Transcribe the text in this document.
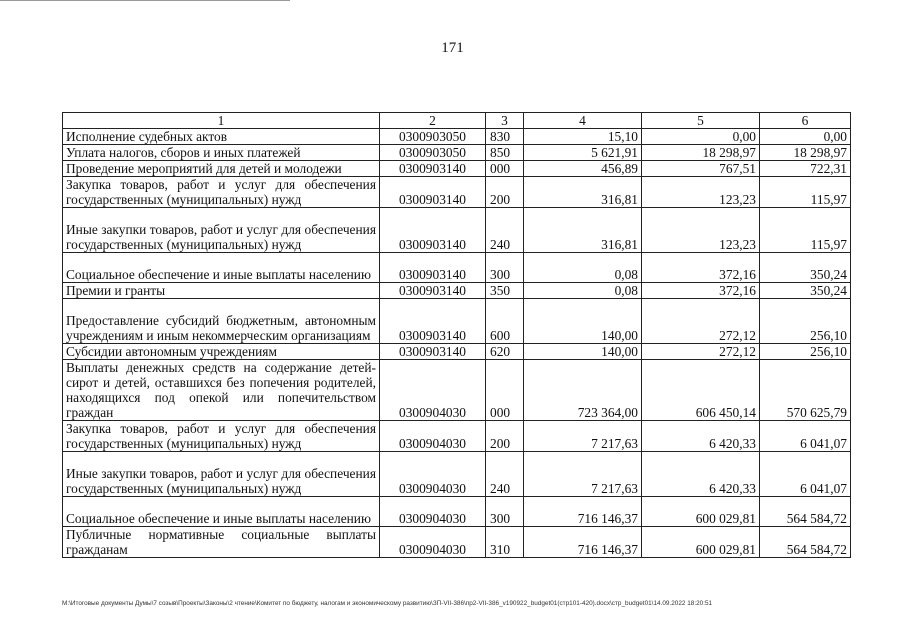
171
1	2	3	4	5	6
Исполнение судебных актов	0300903050	830	15,10	0,00	0,00
Уплата налогов, сборов и иных платежей	0300903050	850	5 621,91	18 298,97	18 298,97
Проведение мероприятий для детей и молодежи	0300903140	000	456,89	767,51	722,31
Закупка товаров, работ и услуг для обеспечения государственных (муниципальных) нужд	0300903140	200	316,81	123,23	115,97
Иные закупки товаров, работ и услуг для обеспечения государственных (муниципальных) нужд	0300903140	240	316,81	123,23	115,97
Социальное обеспечение и иные выплаты населению	0300903140	300	0,08	372,16	350,24
Премии и гранты	0300903140	350	0,08	372,16	350,24
Предоставление субсидий бюджетным, автономным учреждениям и иным некоммерческим организациям	0300903140	600	140,00	272,12	256,10
Субсидии автономным учреждениям	0300903140	620	140,00	272,12	256,10
Выплаты денежных средств на содержание детей-сирот и детей, оставшихся без попечения родителей, находящихся под опекой или попечительством граждан	0300904030	000	723 364,00	606 450,14	570 625,79
Закупка товаров, работ и услуг для обеспечения государственных (муниципальных) нужд	0300904030	200	7 217,63	6 420,33	6 041,07
Иные закупки товаров, работ и услуг для обеспечения государственных (муниципальных) нужд	0300904030	240	7 217,63	6 420,33	6 041,07
Социальное обеспечение и иные выплаты населению	0300904030	300	716 146,37	600 029,81	564 584,72
Публичные нормативные социальные выплаты гражданам	0300904030	310	716 146,37	600 029,81	564 584,72
M:\Итоговые документы Думы\7 созыв\Проекты\Законы\2 чтение\Комитет по бюджету, налогам и экономическому развитию\ЗП-VII-386\пр2-VII-386_v190922_budget01(стр101-420).docx\стр_budget01\14.09.2022 18:20:51
